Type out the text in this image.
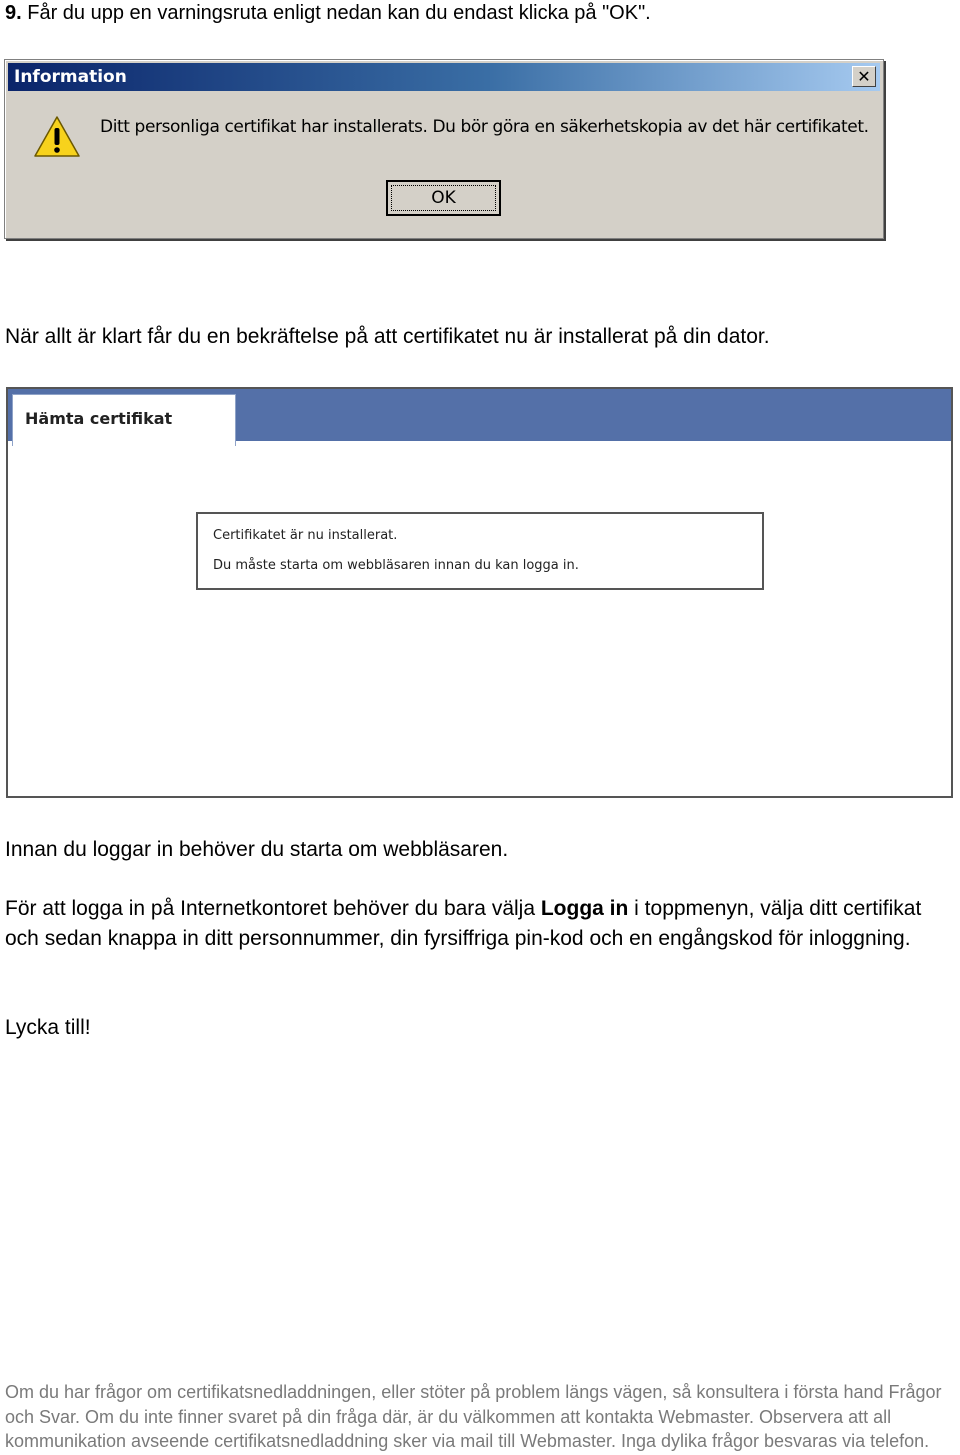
9. Får du upp en varningsruta enligt nedan kan du endast klicka på "OK".
Information	✕
Ditt personliga certifikat har installerats. Du bör göra en säkerhetskopia av det här certifikatet.
OK
När allt är klart får du en bekräftelse på att certifikatet nu är installerat på din dator.
Hämta certifikat
Certifikatet är nu installerat.
Du måste starta om webbläsaren innan du kan logga in.
Innan du loggar in behöver du starta om webbläsaren.
För att logga in på Internetkontoret behöver du bara välja Logga in i toppmenyn, välja ditt certifikat och sedan knappa in ditt personnummer, din fyrsiffriga pin-kod och en engångskod för inloggning.
Lycka till!
Om du har frågor om certifikatsnedladdningen, eller stöter på problem längs vägen, så konsultera i första hand Frågor och Svar. Om du inte finner svaret på din fråga där, är du välkommen att kontakta Webmaster. Observera att all kommunikation avseende certifikatsnedladdning sker via mail till Webmaster. Inga dylika frågor besvaras via telefon.
